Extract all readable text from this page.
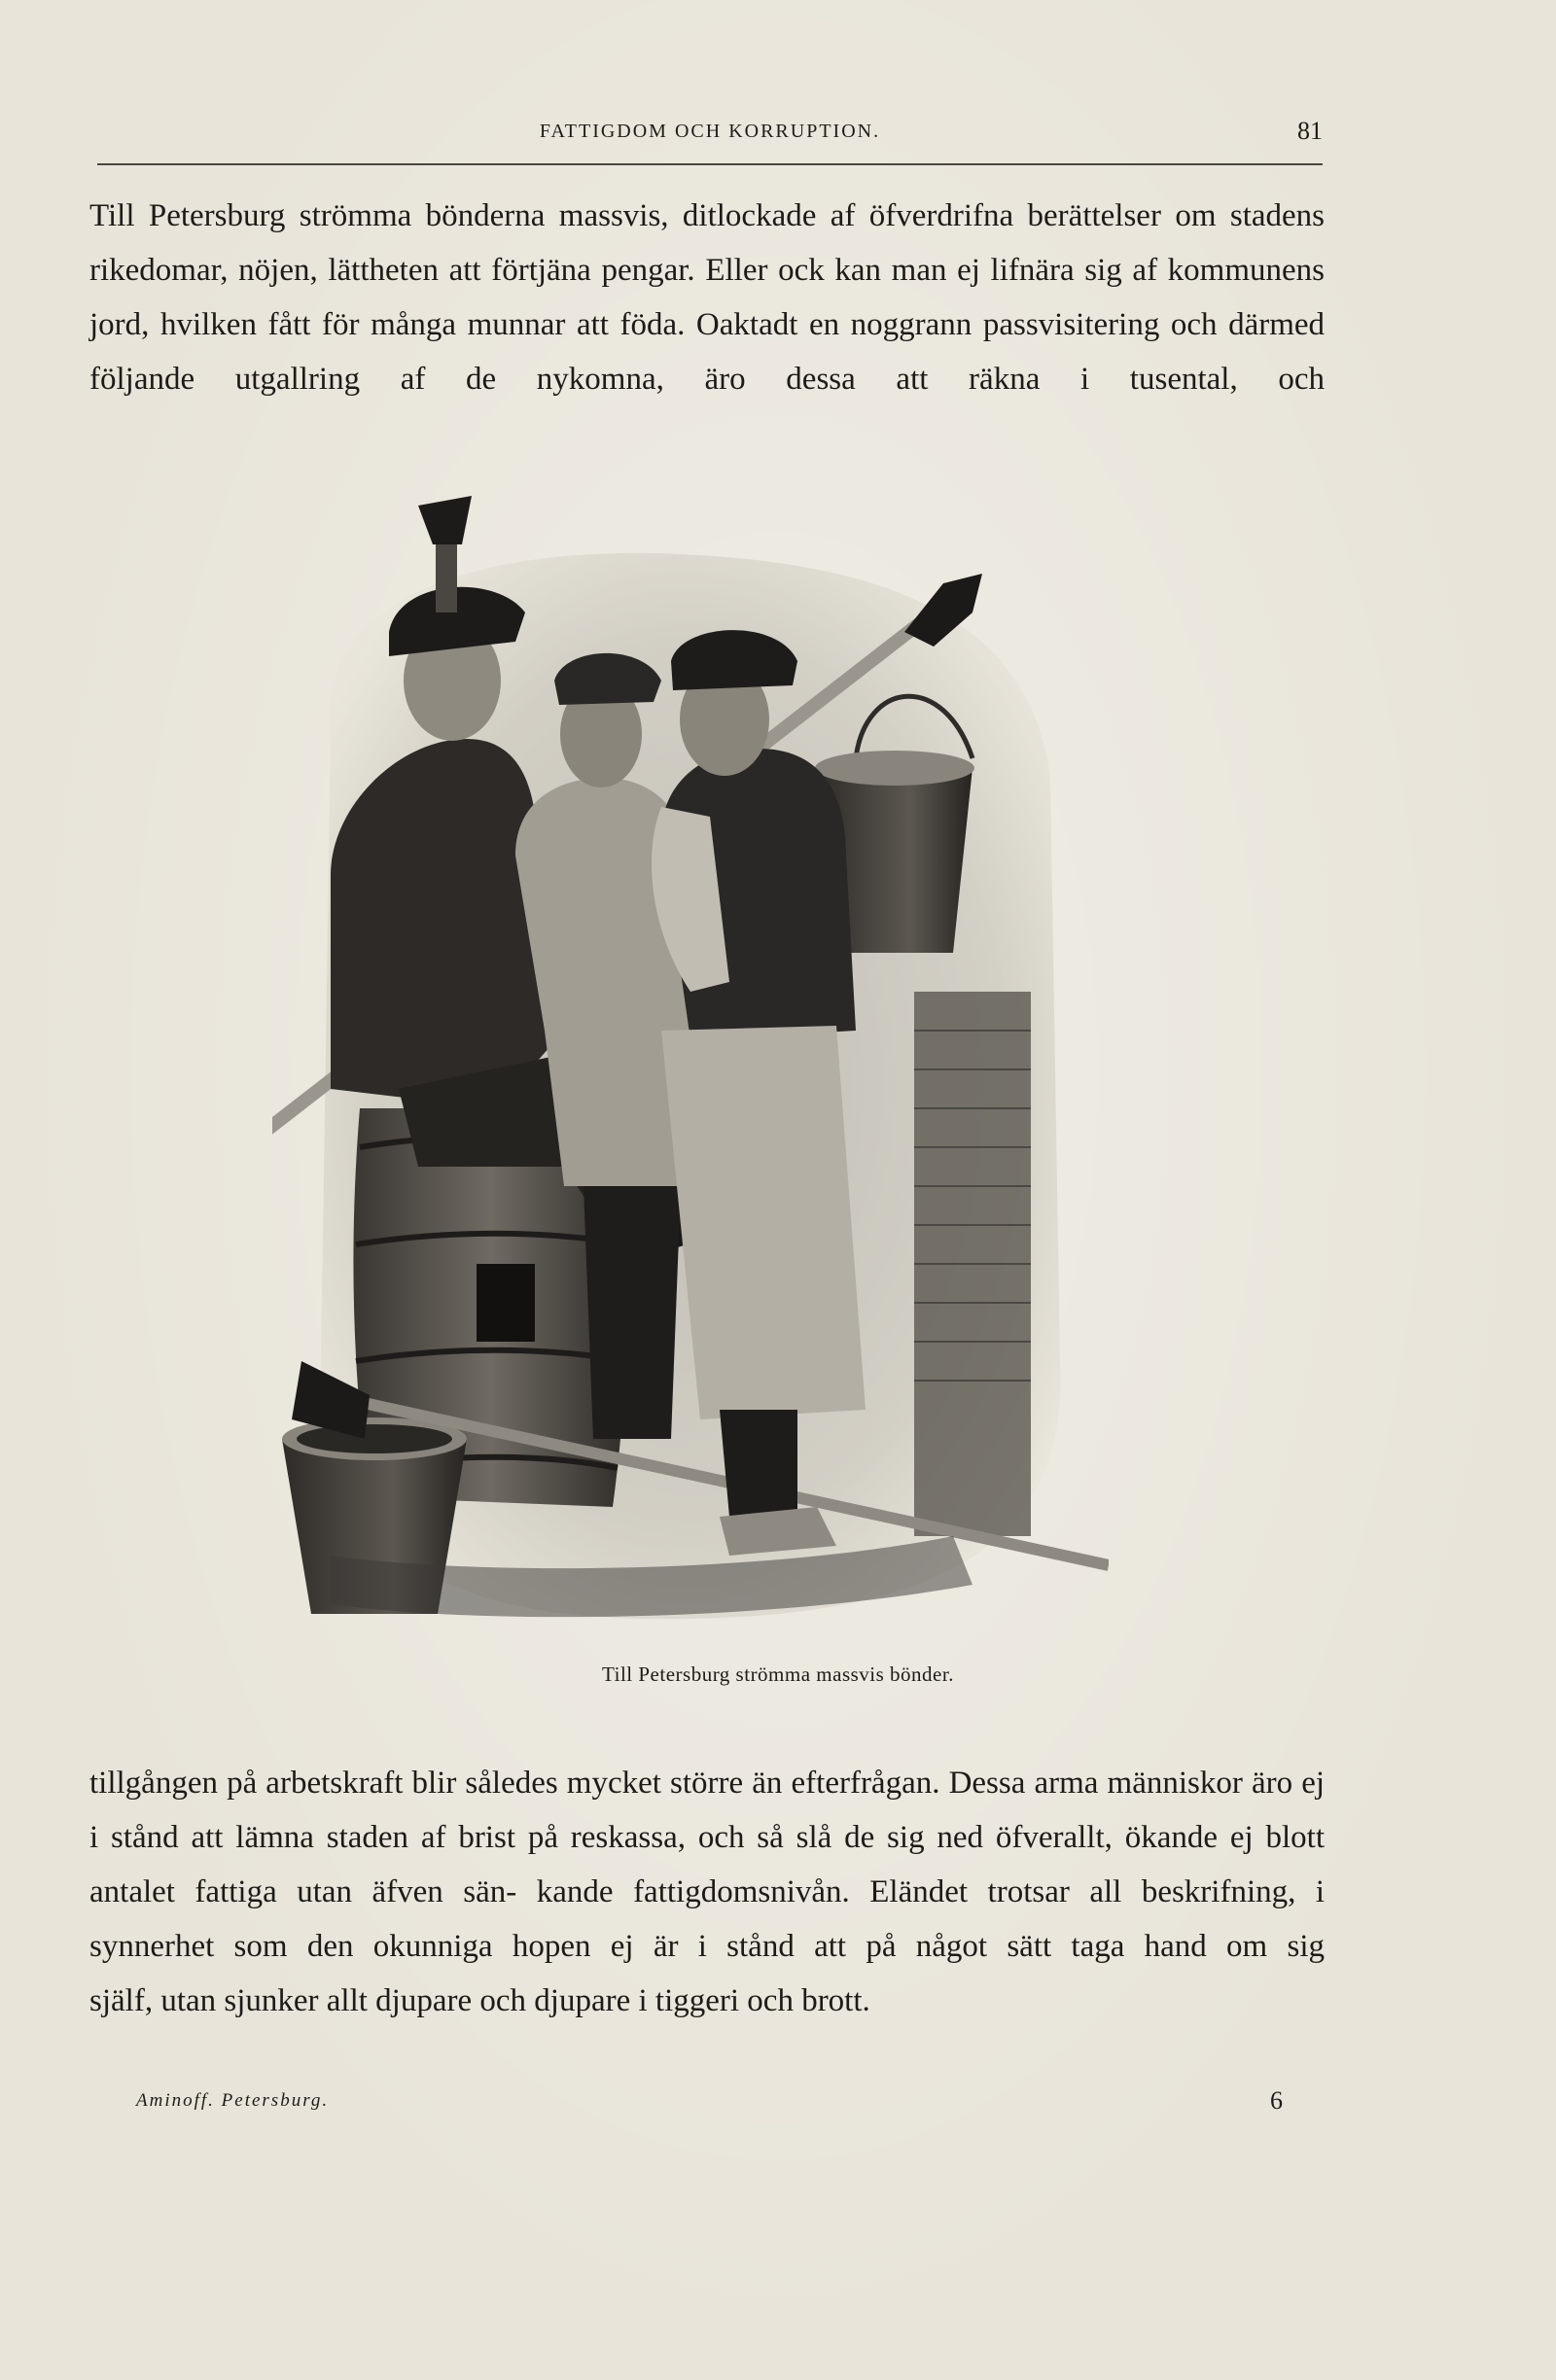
FATTIGDOM OCH KORRUPTION.	81

Till Petersburg strömma bönderna massvis, ditlockade af öfverdrifna berättelser om stadens rikedomar, nöjen, lättheten att förtjäna pengar. Eller ock kan man ej lifnära sig af kommunens jord, hvilken fått för många munnar att föda. Oaktadt en noggrann passvisitering och därmed följande utgallring af de nykomna, äro dessa att räkna i tusental, och

Till Petersburg strömma massvis bönder.

tillgången på arbetskraft blir således mycket större än efterfrågan. Dessa arma människor äro ej i stånd att lämna staden af brist på reskassa, och så slå de sig ned öfverallt, ökande ej blott antalet fattiga utan äfven sän- kande fattigdomsnivån. Eländet trotsar all beskrifning, i synnerhet som den okunniga hopen ej är i stånd att på något sätt taga hand om sig
själf, utan sjunker allt djupare och djupare i tiggeri och brott.

Aminoff. Petersburg.	6
